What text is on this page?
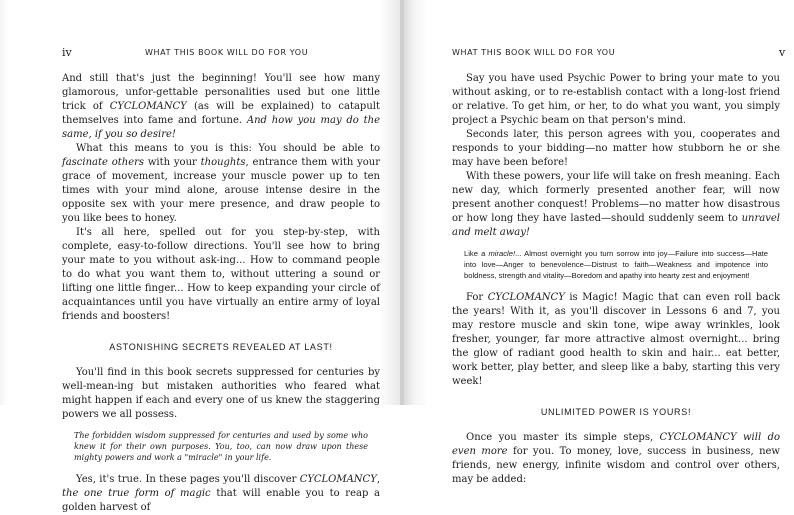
iv	WHAT THIS BOOK WILL DO FOR YOU

And still that's just the beginning! You'll see how many glamorous, unfor-gettable personalities used but one little trick of CYCLOMANCY (as will be explained) to catapult themselves into fame and fortune. And how you may do the same, if you so desire!

What this means to you is this: You should be able to fascinate others with your thoughts, entrance them with your grace of movement, increase your muscle power up to ten times with your mind alone, arouse intense desire in the opposite sex with your mere presence, and draw people to you like bees to honey.

It's all here, spelled out for you step-by-step, with complete, easy-to-follow directions. You'll see how to bring your mate to you without ask-ing... How to command people to do what you want them to, without uttering a sound or lifting one little finger... How to keep expanding your circle of acquaintances until you have virtually an entire army of loyal friends and boosters!

ASTONISHING SECRETS REVEALED AT LAST!

You'll find in this book secrets suppressed for centuries by well-mean-ing but mistaken authorities who feared what might happen if each and every one of us knew the staggering powers we all possess.

The forbidden wisdom suppressed for centuries and used by some who knew it for their own purposes. You, too, can now draw upon these mighty powers and work a "miracle" in your life.

Yes, it's true. In these pages you'll discover CYCLOMANCY, the one true form of magic that will enable you to reap a golden harvest of

WHAT THIS BOOK WILL DO FOR YOU	v

Say you have used Psychic Power to bring your mate to you without asking, or to re-establish contact with a long-lost friend or relative. To get him, or her, to do what you want, you simply project a Psychic beam on that person's mind.

Seconds later, this person agrees with you, cooperates and responds to your bidding—no matter how stubborn he or she may have been before!

With these powers, your life will take on fresh meaning. Each new day, which formerly presented another fear, will now present another conquest! Problems—no matter how disastrous or how long they have lasted—should suddenly seem to unravel and melt away!

Like a miracle!... Almost overnight you turn sorrow into joy—Failure into success—Hate into love—Anger to benevolence—Distrust to faith—Weakness and impotence into boldness, strength and vitality—Boredom and apathy into hearty zest and enjoyment!

For CYCLOMANCY is Magic! Magic that can even roll back the years! With it, as you'll discover in Lessons 6 and 7, you may restore muscle and skin tone, wipe away wrinkles, look fresher, younger, far more attractive almost overnight... bring the glow of radiant good health to skin and hair... eat better, work better, play better, and sleep like a baby, starting this very week!

UNLIMITED POWER IS YOURS!

Once you master its simple steps, CYCLOMANCY will do even more for you. To money, love, success in business, new friends, new energy, infinite wisdom and control over others, may be added:
